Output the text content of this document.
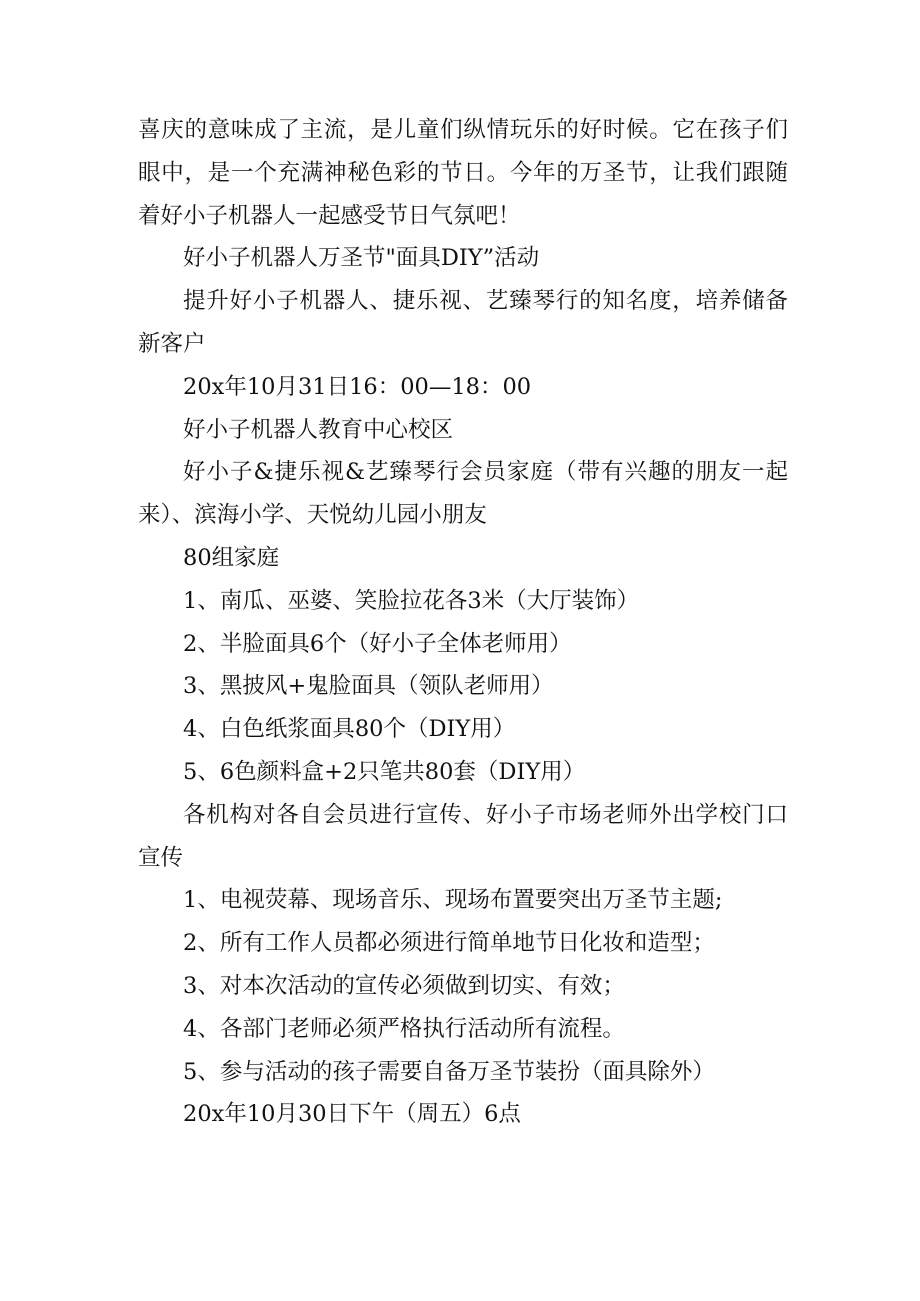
喜庆的意味成了主流，是儿童们纵情玩乐的好时候。它在孩子们眼中，是一个充满神秘色彩的节日。今年的万圣节，让我们跟随着好小子机器人一起感受节日气氛吧！

好小子机器人万圣节"面具DIY”活动

提升好小子机器人、捷乐视、艺臻琴行的知名度，培养储备新客户

20x年10月31日16：00—18：00

好小子机器人教育中心校区

好小子&捷乐视&艺臻琴行会员家庭（带有兴趣的朋友一起来）、滨海小学、天悦幼儿园小朋友

80组家庭

1、南瓜、巫婆、笑脸拉花各3米（大厅装饰）

2、半脸面具6个（好小子全体老师用）

3、黑披风+鬼脸面具（领队老师用）

4、白色纸浆面具80个（DIY用）

5、6色颜料盒+2只笔共80套（DIY用）

各机构对各自会员进行宣传、好小子市场老师外出学校门口宣传

1、电视荧幕、现场音乐、现场布置要突出万圣节主题;

2、所有工作人员都必须进行简单地节日化妆和造型；

3、对本次活动的宣传必须做到切实、有效；

4、各部门老师必须严格执行活动所有流程。

5、参与活动的孩子需要自备万圣节装扮（面具除外）

20x年10月30日下午（周五）6点
